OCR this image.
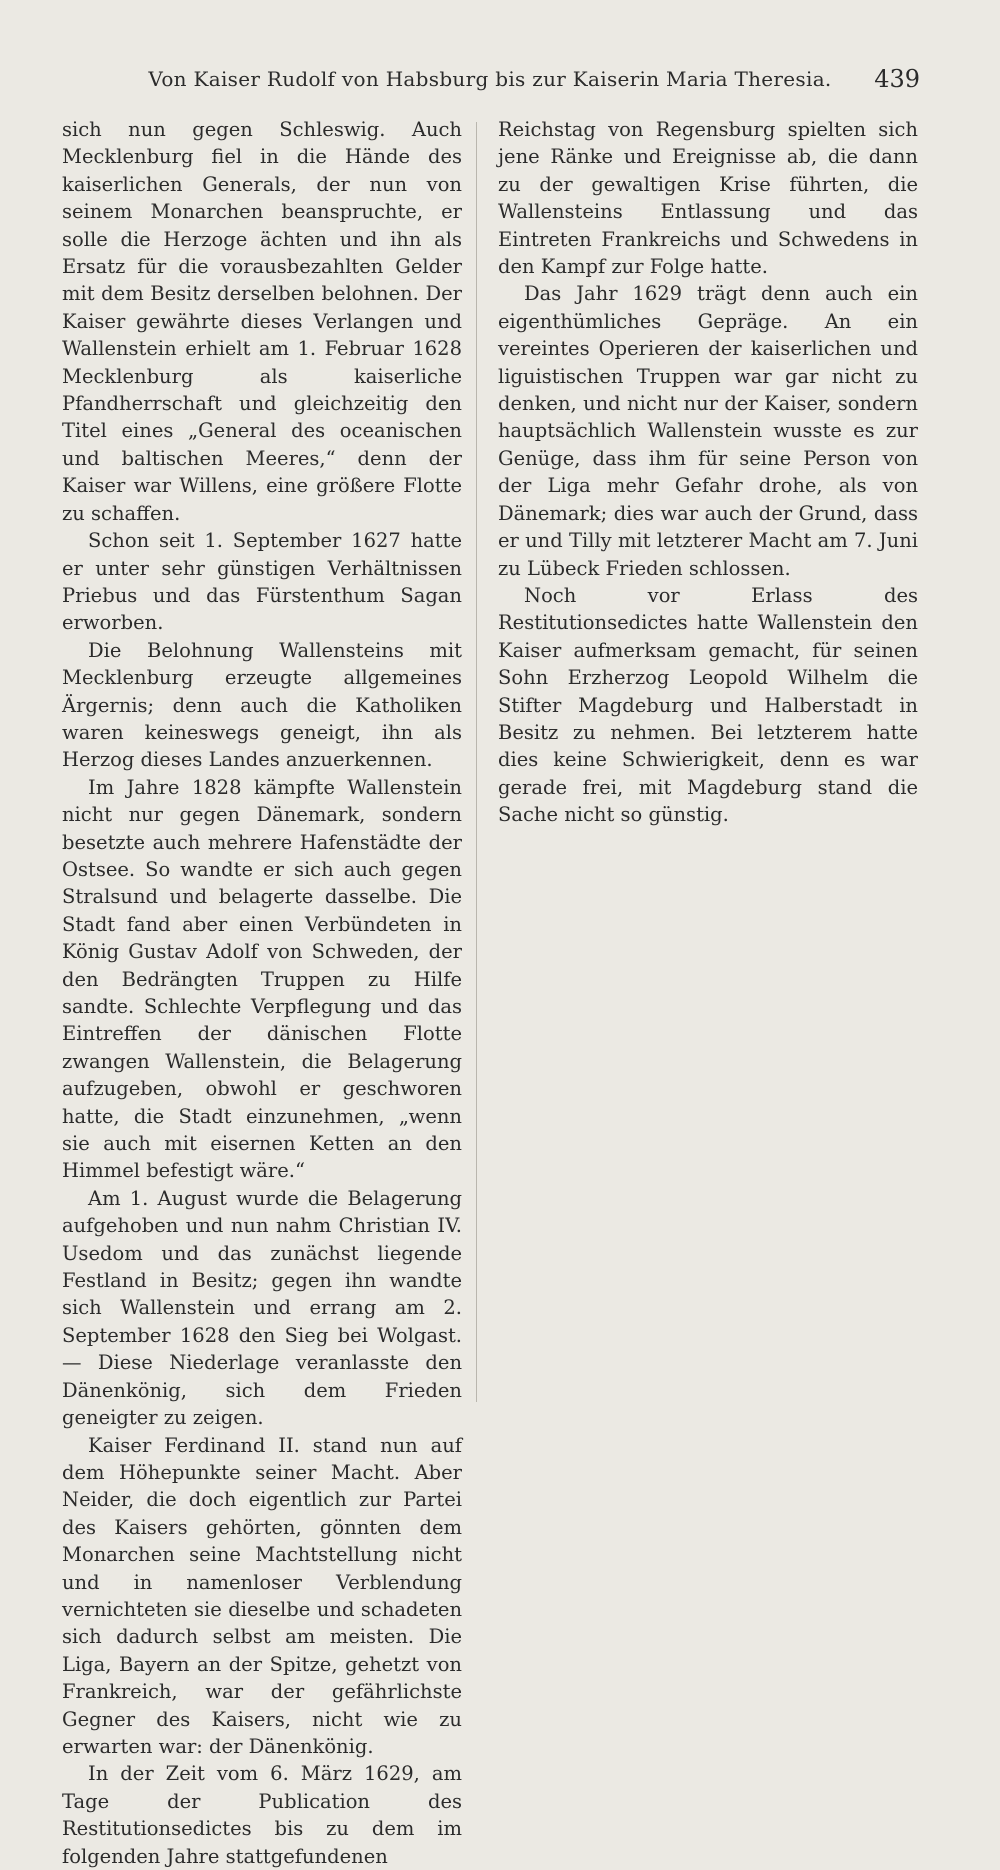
Von Kaiser Rudolf von Habsburg bis zur Kaiserin Maria Theresia.	439

sich nun gegen Schleswig. Auch Mecklenburg fiel in die Hände des kaiserlichen Generals, der nun von seinem Monarchen beanspruchte, er solle die Herzoge ächten und ihn als Ersatz für die vorausbezahlten Gelder mit dem Besitz derselben belohnen. Der Kaiser gewährte dieses Verlangen und Wallenstein erhielt am 1. Februar 1628 Mecklenburg als kaiserliche Pfandherrschaft und gleichzeitig den Titel eines „General des oceanischen und baltischen Meeres,“ denn der Kaiser war Willens, eine größere Flotte zu schaffen.

Schon seit 1. September 1627 hatte er unter sehr günstigen Verhältnissen Priebus und das Fürstenthum Sagan erworben.

Die Belohnung Wallensteins mit Mecklenburg erzeugte allgemeines Ärgernis; denn auch die Katholiken waren keineswegs geneigt, ihn als Herzog dieses Landes anzuerkennen.

Im Jahre 1828 kämpfte Wallenstein nicht nur gegen Dänemark, sondern besetzte auch mehrere Hafenstädte der Ostsee. So wandte er sich auch gegen Stralsund und belagerte dasselbe. Die Stadt fand aber einen Verbündeten in König Gustav Adolf von Schweden, der den Bedrängten Truppen zu Hilfe sandte. Schlechte Verpflegung und das Eintreffen der dänischen Flotte zwangen Wallenstein, die Belagerung aufzugeben, obwohl er geschworen hatte, die Stadt einzunehmen, „wenn sie auch mit eisernen Ketten an den Himmel befestigt wäre.“

Am 1. August wurde die Belagerung aufgehoben und nun nahm Christian IV. Usedom und das zunächst liegende Festland in Besitz; gegen ihn wandte sich Wallenstein und errang am 2. September 1628 den Sieg bei Wolgast. — Diese Niederlage veranlasste den Dänenkönig, sich dem Frieden geneigter zu zeigen.

Kaiser Ferdinand II. stand nun auf dem Höhepunkte seiner Macht. Aber Neider, die doch eigentlich zur Partei des Kaisers gehörten, gönnten dem Monarchen seine Machtstellung nicht und in namenloser Verblendung vernichteten sie dieselbe und schadeten sich dadurch selbst am meisten. Die Liga, Bayern an der Spitze, gehetzt von Frankreich, war der gefährlichste Gegner des Kaisers, nicht wie zu erwarten war: der Dänenkönig.

In der Zeit vom 6. März 1629, am Tage der Publication des Restitutionsedictes bis zu dem im folgenden Jahre stattgefundenen

Reichstag von Regensburg spielten sich jene Ränke und Ereignisse ab, die dann zu der gewaltigen Krise führten, die Wallensteins Entlassung und das Eintreten Frankreichs und Schwedens in den Kampf zur Folge hatte.

Das Jahr 1629 trägt denn auch ein eigenthümliches Gepräge. An ein vereintes Operieren der kaiserlichen und liguistischen Truppen war gar nicht zu denken, und nicht nur der Kaiser, sondern hauptsächlich Wallenstein wusste es zur Genüge, dass ihm für seine Person von der Liga mehr Gefahr drohe, als von Dänemark; dies war auch der Grund, dass er und Tilly mit letzterer Macht am 7. Juni zu Lübeck Frieden schlossen.

Noch vor Erlass des Restitutionsedictes hatte Wallenstein den Kaiser aufmerksam gemacht, für seinen Sohn Erzherzog Leopold Wilhelm die Stifter Magdeburg und Halberstadt in Besitz zu nehmen. Bei letzterem hatte dies keine Schwierigkeit, denn es war gerade frei, mit Magdeburg stand die Sache nicht so günstig.
